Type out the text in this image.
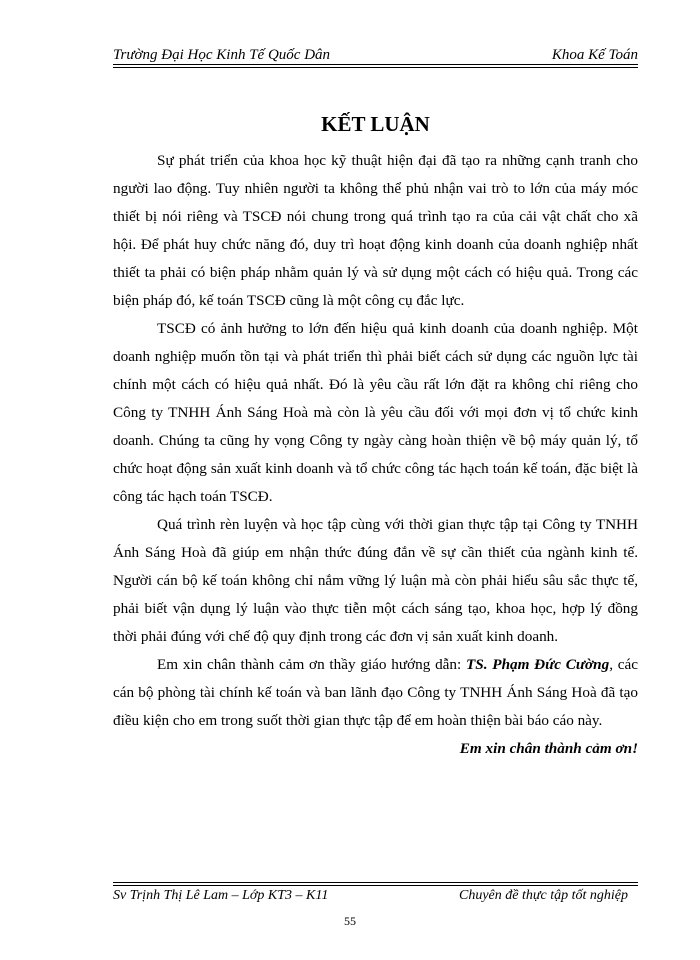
Trường Đại Học Kinh Tế Quốc Dân	Khoa Kế Toán
KẾT LUẬN

Sự phát triển của khoa học kỹ thuật hiện đại đã tạo ra những cạnh tranh cho người lao động. Tuy nhiên người ta không thể phủ nhận vai trò to lớn của máy móc thiết bị nói riêng và TSCĐ nói chung trong quá trình tạo ra của cải vật chất cho xã hội. Để phát huy chức năng đó, duy trì hoạt động kinh doanh của doanh nghiệp nhất thiết ta phải có biện pháp nhằm quản lý và sử dụng một cách có hiệu quả. Trong các biện pháp đó, kế toán TSCĐ cũng là một công cụ đắc lực.

TSCĐ có ảnh hưởng to lớn đến hiệu quả kinh doanh của doanh nghiệp. Một doanh nghiệp muốn tồn tại và phát triển thì phải biết cách sử dụng các nguồn lực tài chính một cách có hiệu quả nhất. Đó là yêu cầu rất lớn đặt ra không chỉ riêng cho Công ty TNHH Ánh Sáng Hoà mà còn là yêu cầu đối với mọi đơn vị tổ chức kinh doanh. Chúng ta cũng hy vọng Công ty ngày càng hoàn thiện về bộ máy quản lý, tổ chức hoạt động sản xuất kinh doanh và tổ chức công tác hạch toán kế toán, đặc biệt là công tác hạch toán TSCĐ.

Quá trình rèn luyện và học tập cùng với thời gian thực tập tại Công ty TNHH Ánh Sáng Hoà đã giúp em nhận thức đúng đắn về sự cần thiết của ngành kinh tế. Người cán bộ kế toán không chỉ nắm vững lý luận mà còn phải hiểu sâu sắc thực tế, phải biết vận dụng lý luận vào thực tiễn một cách sáng tạo, khoa học, hợp lý đồng thời phải đúng với chế độ quy định trong các đơn vị sản xuất kinh doanh.

Em xin chân thành cảm ơn thầy giáo hướng dẫn: TS. Phạm Đức Cường, các cán bộ phòng tài chính kế toán và ban lãnh đạo Công ty TNHH Ánh Sáng Hoà đã tạo điều kiện cho em trong suốt thời gian thực tập để em hoàn thiện bài báo cáo này.

Em xin chân thành cảm ơn!

Sv Trịnh Thị Lê Lam – Lớp KT3 – K11	Chuyên đề thực tập tốt nghiệp
55
